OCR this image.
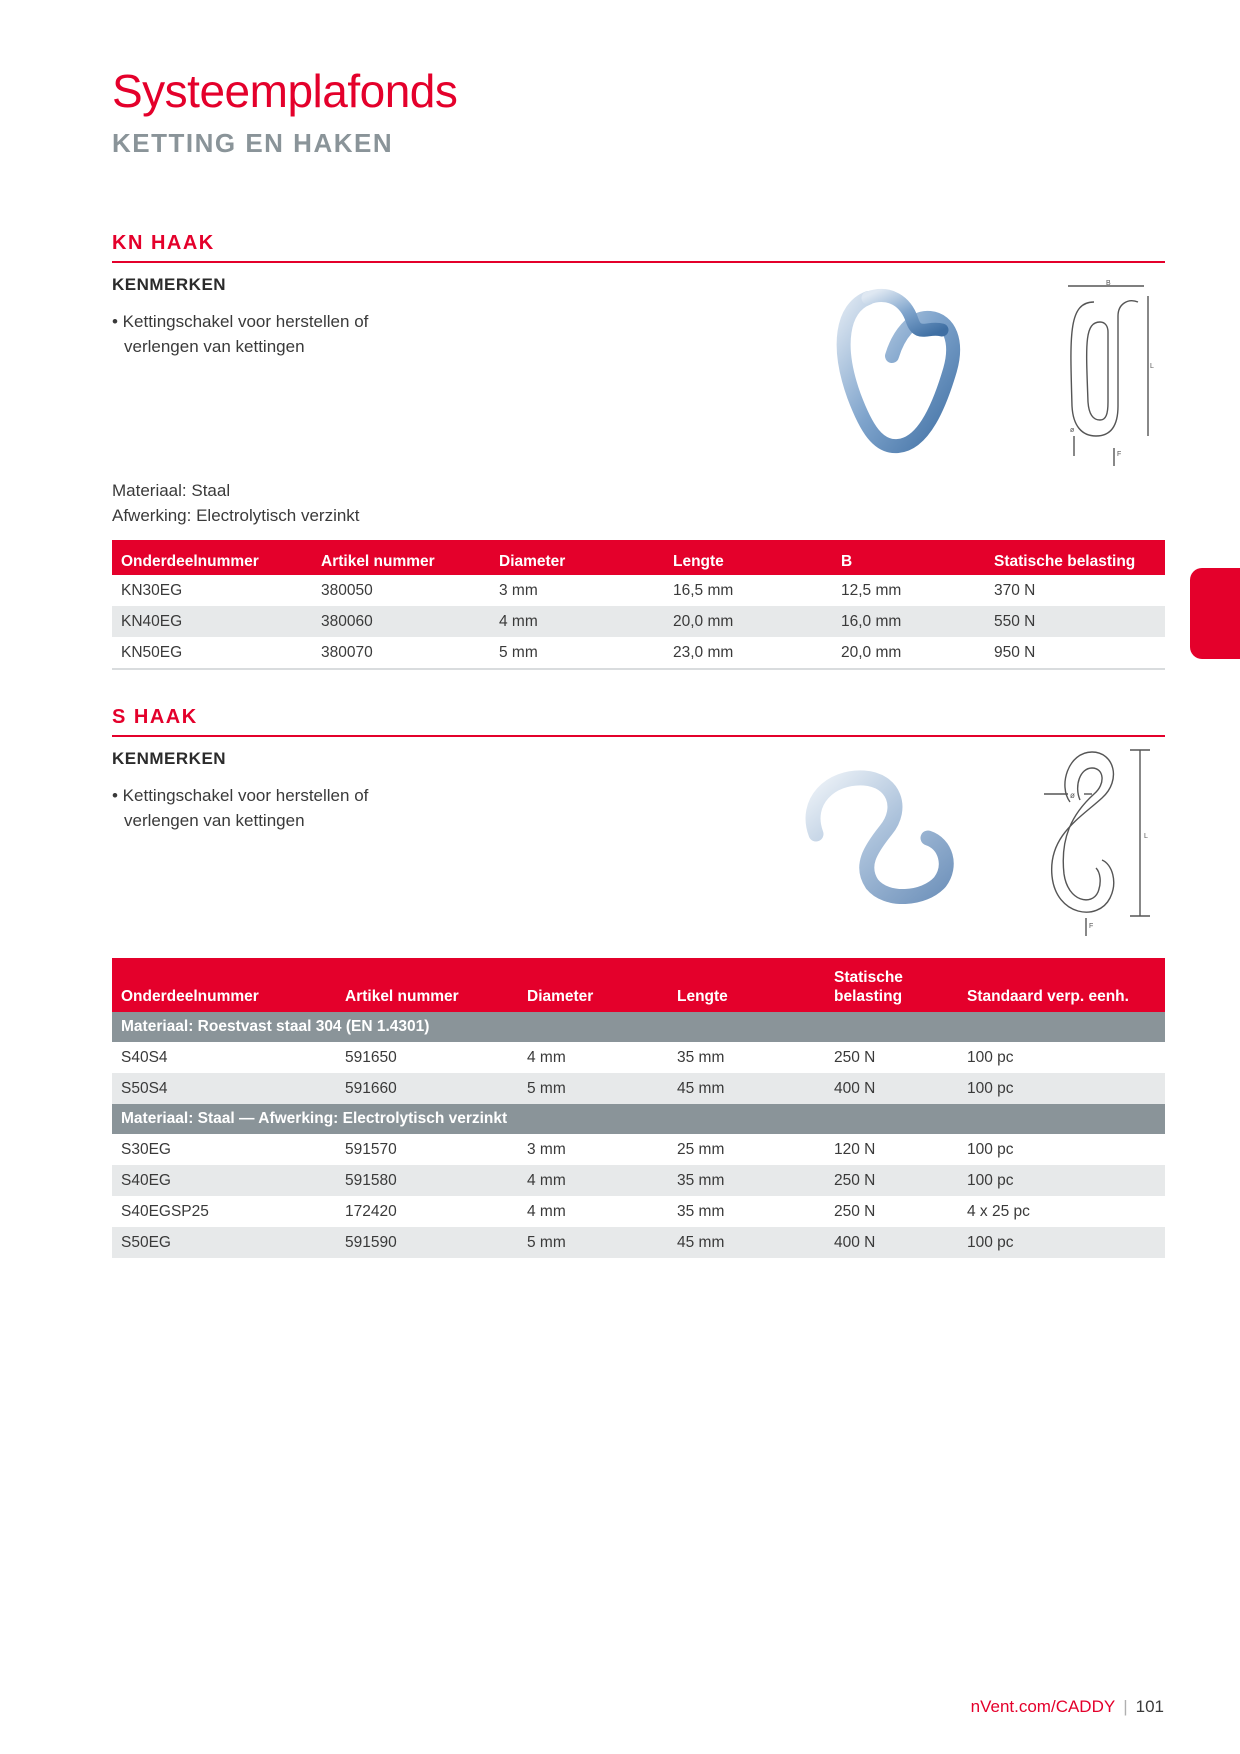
Systeemplafonds
KETTING EN HAKEN
KN HAAK
KENMERKEN
• Kettingschakel voor herstellen of verlengen van kettingen
B
L
ø
F
Materiaal: Staal
Afwerking: Electrolytisch verzinkt
Onderdeelnummer	Artikel nummer	Diameter	Lengte	B	Statische belasting
KN30EG	380050	3 mm	16,5 mm	12,5 mm	370 N
KN40EG	380060	4 mm	20,0 mm	16,0 mm	550 N
KN50EG	380070	5 mm	23,0 mm	20,0 mm	950 N
S HAAK
KENMERKEN
• Kettingschakel voor herstellen of verlengen van kettingen
ø
L
F
Onderdeelnummer	Artikel nummer	Diameter	Lengte	Statische belasting	Standaard verp. eenh.
Materiaal: Roestvast staal 304 (EN 1.4301)					
S40S4	591650	4 mm	35 mm	250 N	100 pc
S50S4	591660	5 mm	45 mm	400 N	100 pc
Materiaal: Staal — Afwerking: Electrolytisch verzinkt					
S30EG	591570	3 mm	25 mm	120 N	100 pc
S40EG	591580	4 mm	35 mm	250 N	100 pc
S40EGSP25	172420	4 mm	35 mm	250 N	4 x 25 pc
S50EG	591590	5 mm	45 mm	400 N	100 pc
nVent.com/CADDY | 101
